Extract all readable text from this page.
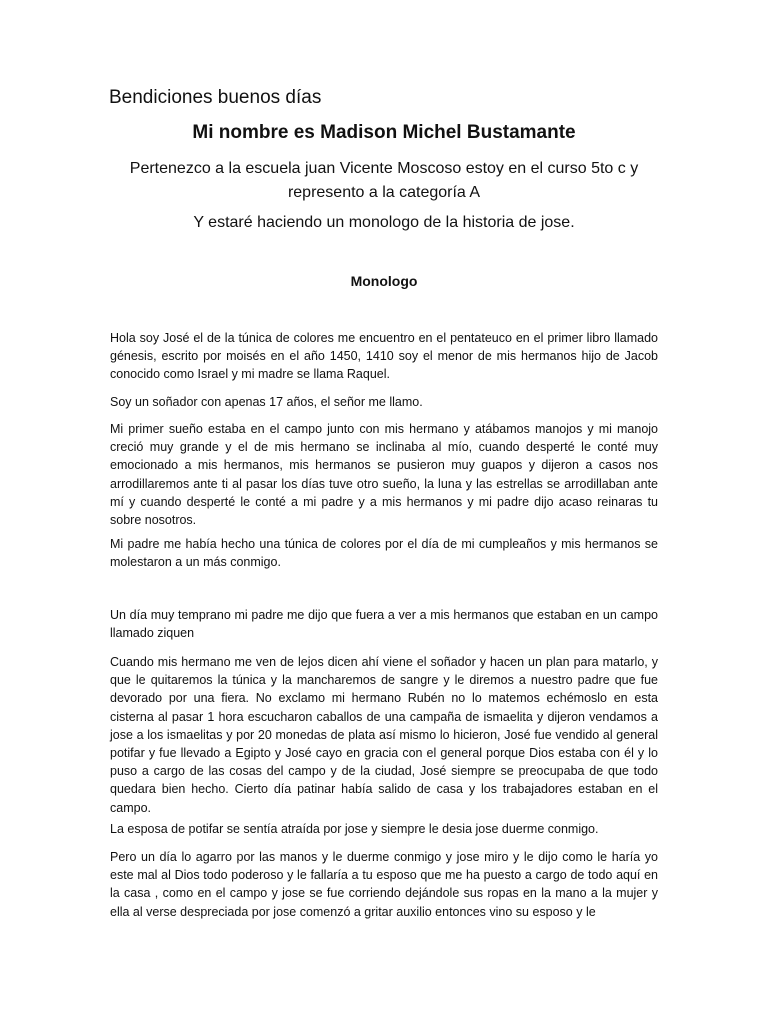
Bendiciones buenos días
Mi nombre es Madison Michel Bustamante
Pertenezco a la escuela juan Vicente Moscoso estoy en el curso 5to c y represento a la categoría A
Y estaré haciendo un monologo de la historia de jose.
Monologo

Hola soy José el de la túnica de colores me encuentro en el pentateuco en el primer libro llamado génesis, escrito por moisés en el año 1450, 1410 soy el menor de mis hermanos hijo de Jacob conocido como Israel y mi madre se llama Raquel.

Soy un soñador con apenas 17 años, el señor me llamo.

Mi primer sueño estaba en el campo junto con mis hermano y atábamos manojos y mi manojo creció muy grande y el de mis hermano se inclinaba al mío, cuando desperté le conté muy emocionado a mis hermanos, mis hermanos se pusieron muy guapos y dijeron a casos nos arrodillaremos ante ti al pasar los días tuve otro sueño, la luna y las estrellas se arrodillaban ante mí y cuando desperté le conté a mi padre y a mis hermanos y mi padre dijo acaso reinaras tu sobre nosotros.

Mi padre me había hecho una túnica de colores por el día de mi cumpleaños y mis hermanos se molestaron a un más conmigo.

Un día muy temprano mi padre me dijo que fuera a ver a mis hermanos que estaban en un campo llamado ziquen

Cuando mis hermano me ven de lejos dicen ahí viene el soñador y hacen un plan para matarlo, y que le quitaremos la túnica y la mancharemos de sangre y le diremos a nuestro padre que fue devorado por una fiera. No exclamo mi hermano Rubén no lo matemos echémoslo en esta cisterna al pasar 1 hora escucharon caballos de una campaña de ismaelita y dijeron vendamos a jose a los ismaelitas y por 20 monedas de plata así mismo lo hicieron, José fue vendido al general potifar y fue llevado a Egipto y José cayo en gracia con el general porque Dios estaba con él y lo puso a cargo de las cosas del campo y de la ciudad, José siempre se preocupaba de que todo quedara bien hecho. Cierto día patinar había salido de casa y los trabajadores estaban en el campo.

La esposa de potifar se sentía atraída por jose y siempre le desia jose duerme conmigo.

Pero un día lo agarro por las manos y le duerme conmigo y jose miro y le dijo como le haría yo este mal al Dios todo poderoso y le fallaría a tu esposo que me ha puesto a cargo de todo aquí en la casa , como en el campo y jose se fue corriendo dejándole sus ropas en la mano a la mujer y ella al verse despreciada por jose comenzó a gritar auxilio entonces vino su esposo y le
